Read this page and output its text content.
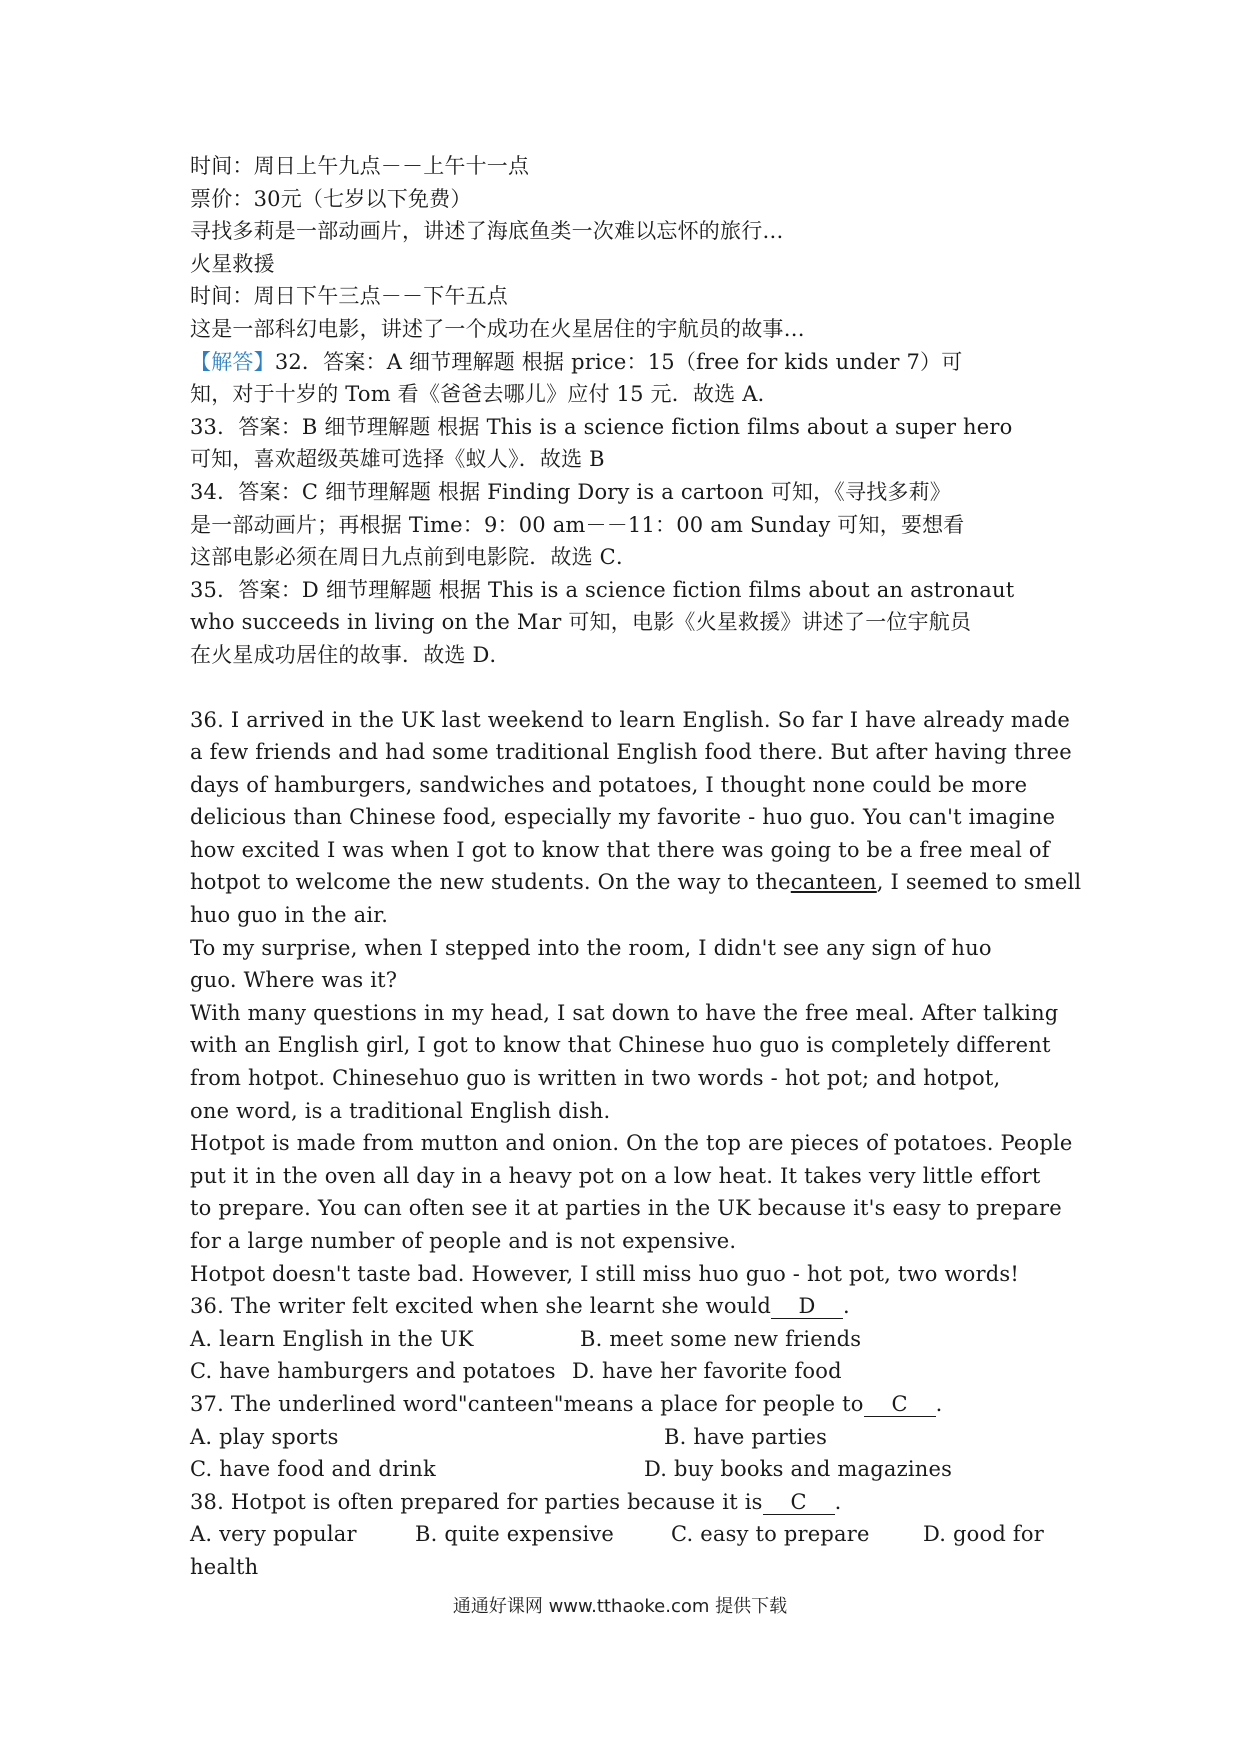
时间：周日上午九点－－上午十一点
票价：30元（七岁以下免费）
寻找多莉是一部动画片，讲述了海底鱼类一次难以忘怀的旅行…
火星救援
时间：周日下午三点－－下午五点
这是一部科幻电影，讲述了一个成功在火星居住的宇航员的故事…
【解答】32．答案：A 细节理解题 根据 price：15（free for kids under 7）可
知，对于十岁的 Tom 看《爸爸去哪儿》应付 15 元．故选 A．
33．答案：B 细节理解题 根据 This is a science fiction films about a super hero
可知，喜欢超级英雄可选择《蚁人》．故选 B
34．答案：C 细节理解题 根据 Finding Dory is a cartoon 可知，《寻找多莉》
是一部动画片；再根据 Time：9：00 am－－11：00 am Sunday 可知，要想看
这部电影必须在周日九点前到电影院．故选 C．
35．答案：D 细节理解题 根据 This is a science fiction films about an astronaut
who succeeds in living on the Mar 可知，电影《火星救援》讲述了一位宇航员
在火星成功居住的故事．故选 D．
36. I arrived in the UK last weekend to learn English. So far I have already made
a few friends and had some traditional English food there. But after having three
days of hamburgers, sandwiches and potatoes, I thought none could be more
delicious than Chinese food, especially my favorite - huo guo. You can't imagine
how excited I was when I got to know that there was going to be a free meal of
hotpot to welcome the new students. On the way to thecanteen, I seemed to smell
huo guo in the air.
To my surprise, when I stepped into the room, I didn't see any sign of huo
guo. Where was it?
With many questions in my head, I sat down to have the free meal. After talking
with an English girl, I got to know that Chinese huo guo is completely different
from hotpot. Chinesehuo guo is written in two words - hot pot; and hotpot,
one word, is a traditional English dish.
Hotpot is made from mutton and onion. On the top are pieces of potatoes. People
put it in the oven all day in a heavy pot on a low heat. It takes very little effort
to prepare. You can often see it at parties in the UK because it's easy to prepare
for a large number of people and is not expensive.
Hotpot doesn't taste bad. However, I still miss huo guo - hot pot, two words!
36. The writer felt excited when she learnt she would D .
A. learn English in the UK	B. meet some new friends
C. have hamburgers and potatoes D. have her favorite food
37. The underlined word"canteen"means a place for people to C .
A. play sports	B. have parties
C. have food and drink	D. buy books and magazines
38. Hotpot is often prepared for parties because it is C .
A. very popular	B. quite expensive	C. easy to prepare	D. good for
health
通通好课网 www.tthaoke.com 提供下载
